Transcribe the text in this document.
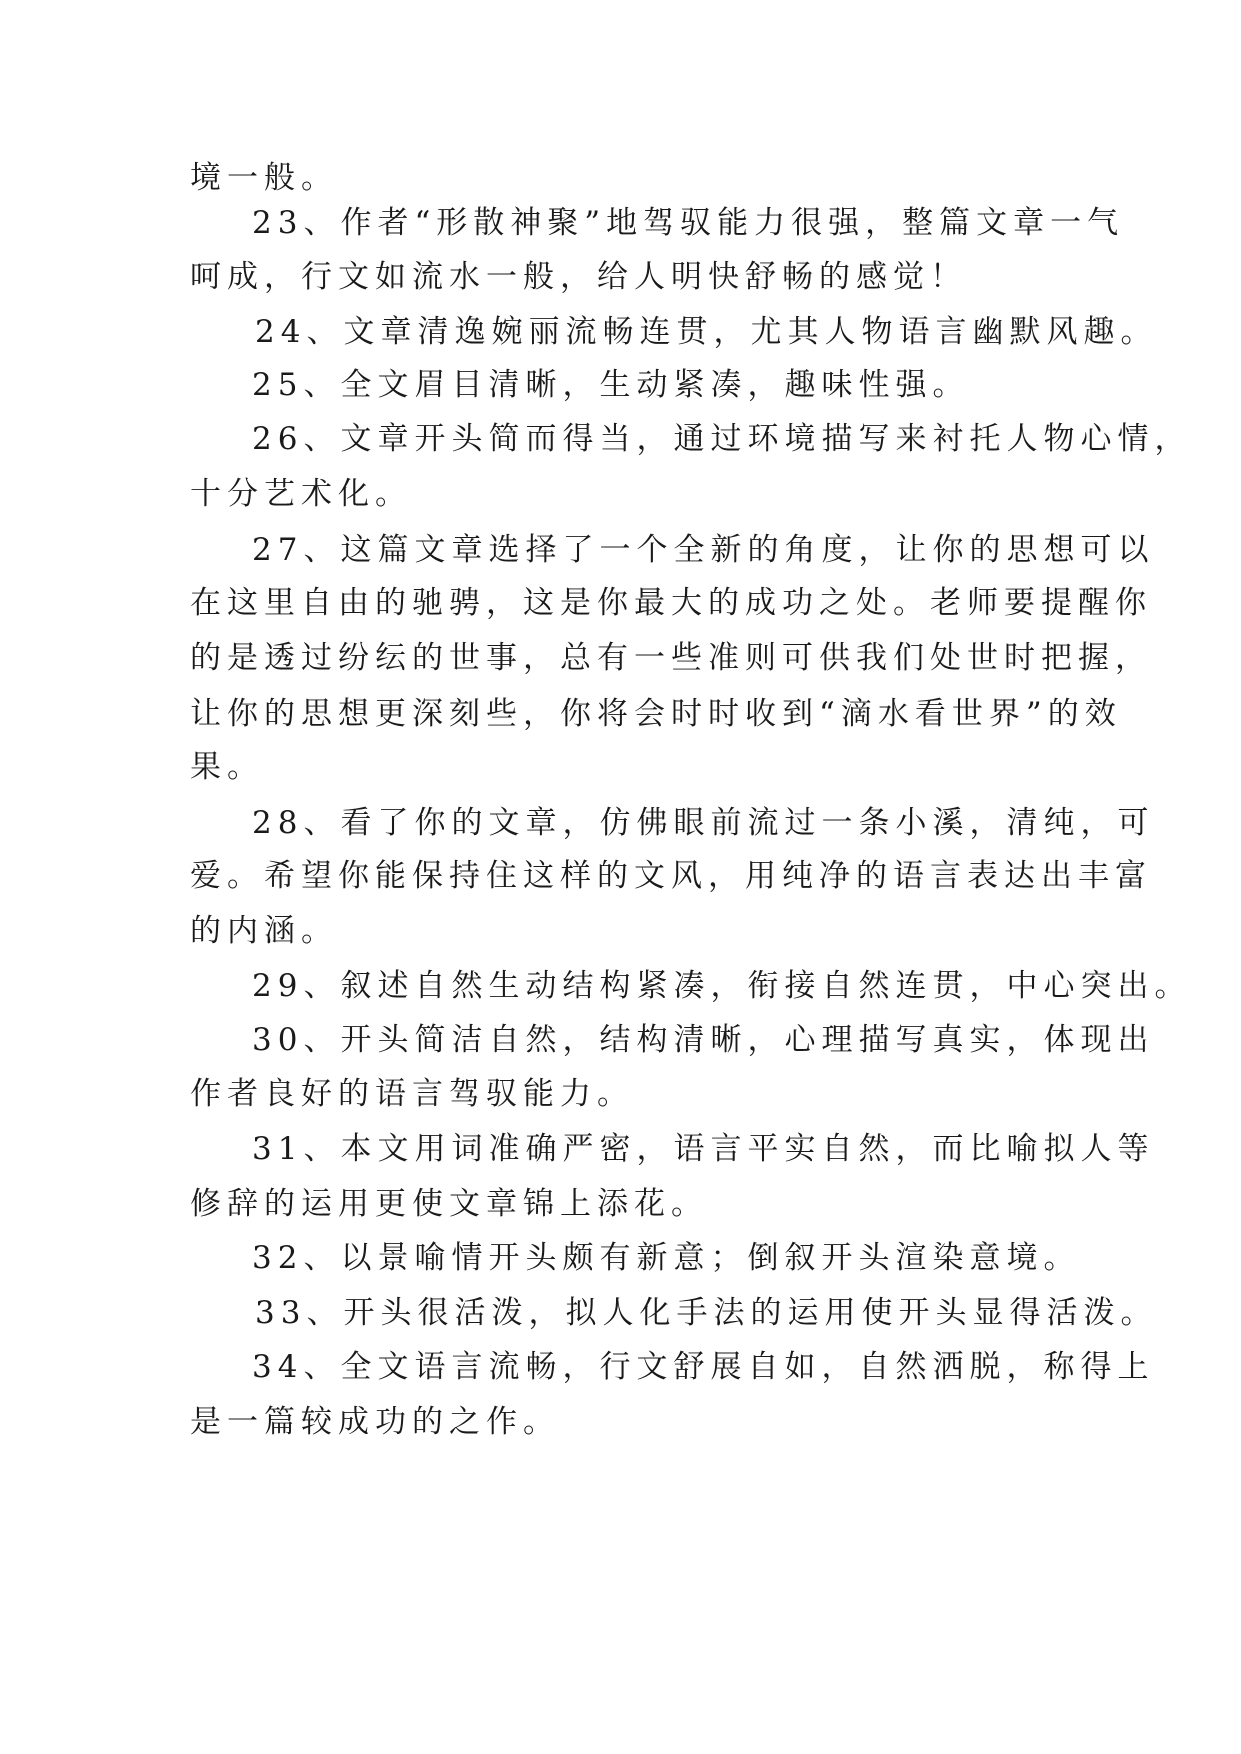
境一般。
23、作者“形散神聚”地驾驭能力很强，整篇文章一气
呵成，行文如流水一般，给人明快舒畅的感觉！
24、文章清逸婉丽流畅连贯，尤其人物语言幽默风趣。
25、全文眉目清晰，生动紧凑，趣味性强。
26、文章开头简而得当，通过环境描写来衬托人物心情，
十分艺术化。
27、这篇文章选择了一个全新的角度，让你的思想可以
在这里自由的驰骋，这是你最大的成功之处。老师要提醒你
的是透过纷纭的世事，总有一些准则可供我们处世时把握，
让你的思想更深刻些，你将会时时收到“滴水看世界”的效
果。
28、看了你的文章，仿佛眼前流过一条小溪，清纯，可
爱。希望你能保持住这样的文风，用纯净的语言表达出丰富
的内涵。
29、叙述自然生动结构紧凑，衔接自然连贯，中心突出。
30、开头简洁自然，结构清晰，心理描写真实，体现出
作者良好的语言驾驭能力。
31、本文用词准确严密，语言平实自然，而比喻拟人等
修辞的运用更使文章锦上添花。
32、以景喻情开头颇有新意；倒叙开头渲染意境。
33、开头很活泼，拟人化手法的运用使开头显得活泼。
34、全文语言流畅，行文舒展自如，自然洒脱，称得上
是一篇较成功的之作。
